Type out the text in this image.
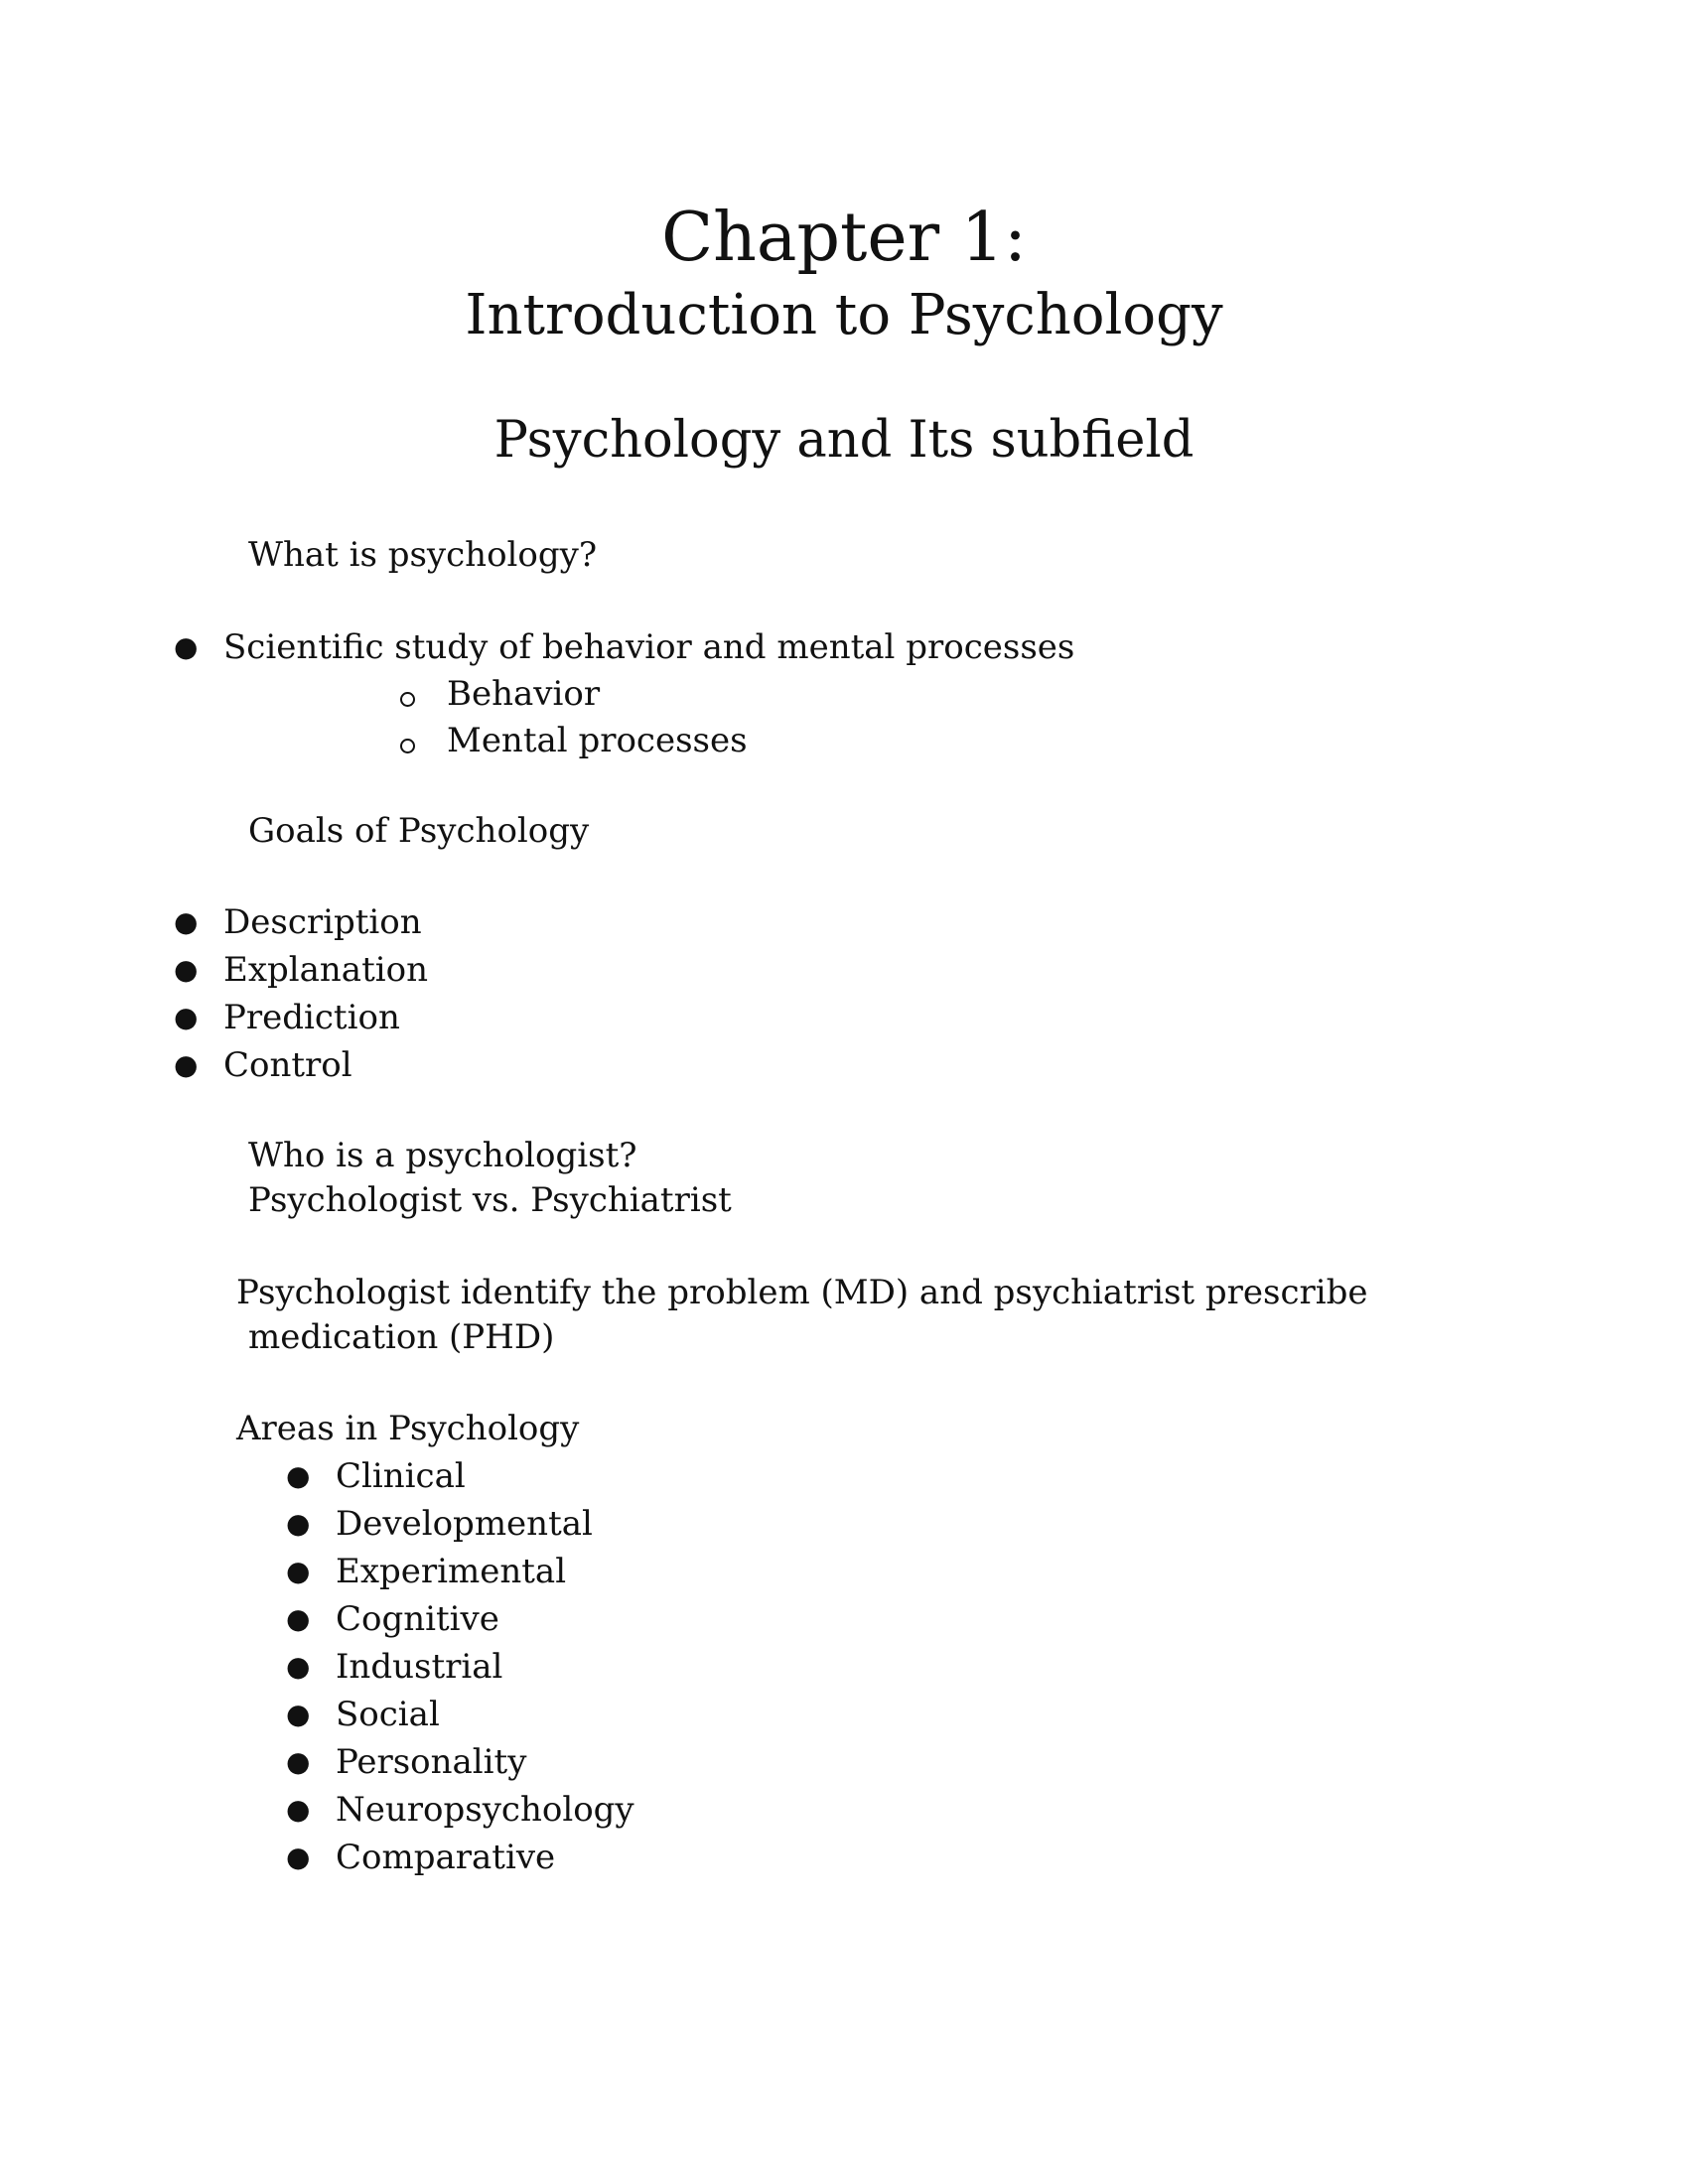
Chapter 1:
Introduction to Psychology
Psychology and Its subfield
What is psychology?
● Scientific study of behavior and mental processes
Behavior
Mental processes
Goals of Psychology
● Description
● Explanation
● Prediction
● Control
Who is a psychologist?
Psychologist vs. Psychiatrist
Psychologist identify the problem (MD) and psychiatrist prescribe
medication (PHD)
Areas in Psychology
● Clinical
● Developmental
● Experimental
● Cognitive
● Industrial
● Social
● Personality
● Neuropsychology
● Comparative
